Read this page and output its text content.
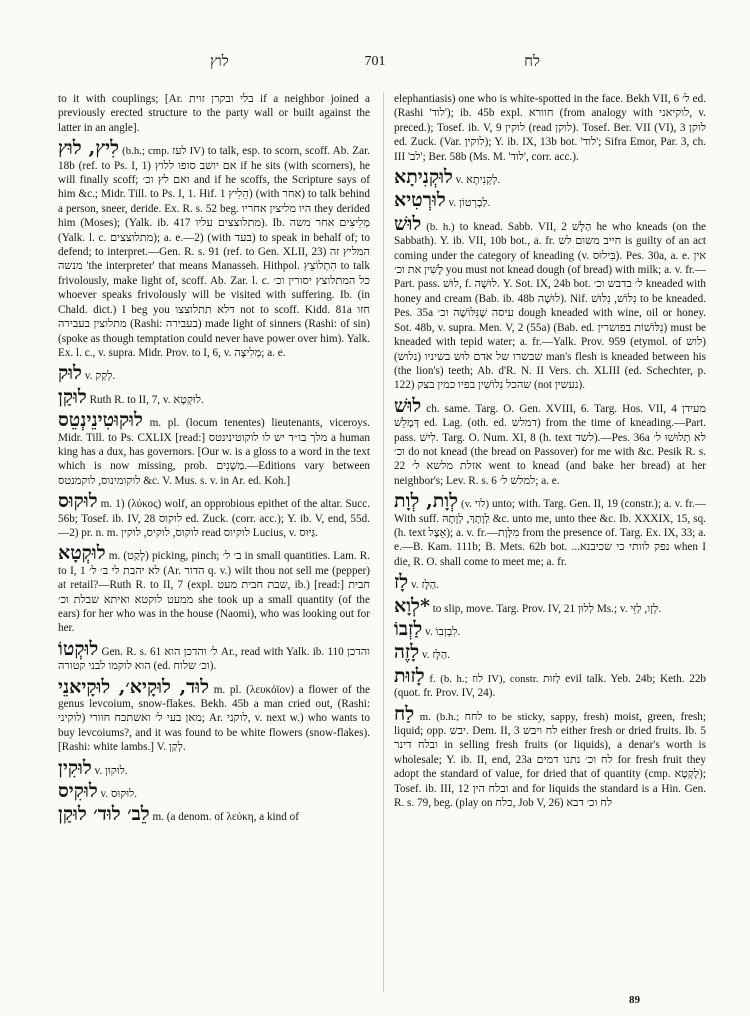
לוץ	701	לח

to it with couplings; [Ar. בלי ובקרן זוית if a neighbor joined a previously erected structure to the party wall or built against the latter in an angle].

לִיץ, לוּץ (b.h.; cmp. לעז IV) to talk, esp. to scorn, scoff. Ab. Zar. 18b (ref. to Ps. I, 1) אם יושב סופו ללוץ if he sits (with scorners), he will finally scoff; ואם לץ וכ׳ and if he scoffs, the Scripture says of him &c.; Midr. Till. to Ps. I, 1. Hif. הֵלִיץ 1) (with אחר) to talk behind a person, sneer, deride. Ex. R. s. 52 beg. היו מליצין אחריו they derided him (Moses); (Yalk. ib. 417 מתלוצצים עליו). Ib. מְלִיצִים אחר משה (Yalk. l. c. מתלוצצים); a. e.—2) (with בעד) to speak in behalf of; to defend; to interpret.—Gen. R. s. 91 (ref. to Gen. XLII, 23) המליץ זה מנשה 'the interpreter' that means Manasseh. Hithpol. הִתְלוֹצֵץ to talk frivolously, make light of, scoff. Ab. Zar. l. c. כל המתלוצץ יסורין וכ׳ whoever speaks frivolously will be visited with suffering. Ib. (in Chald. dict.) I beg you דלא תתלוצצו not to scoff. Kidd. 81a חזו מתלוצין בעבירה (Rashi: בעבירה) made light of sinners (Rashi: of sin) (spoke as though temptation could never have power over him). Yalk. Ex. l. c., v. supra. Midr. Prov. to I, 6, v. מְלִיצָה; a. e.

לוּק v. לְקַק.

לוּקַן Ruth R. to II, 7, v. לוּקְטָא.

לוּקוּטִינֵינְטֵס m. pl. (locum tenentes) lieutenants, viceroys. Midr. Till. to Ps. CXLIX [read:] מלך בו״ד יש לו לוקוטינינטס a human king has a dux, has governors. [Our w. is a gloss to a word in the text which is now missing, prob. מַשְׁנִים.—Editions vary between לוקומינוס, לוקמנטס &c. V. Mus. s. v. in Ar. ed. Koh.]

לוּקוּס m. 1) (λύκος) wolf, an opprobious epithet of the altar. Succ. 56b; Tosef. ib. IV, 28 לוקוס ed. Zuck. (corr. acc.); Y. ib. V, end, 55d.—2) pr. n. m. לוקוס, לוקיס, לוקין read לוקיוס Lucius, v. גַּיּוּס.

לוּקְטָא m. (לָקַט) picking, pinch; ב׳ ל׳ in small quantities. Lam. R. to I, 1 לא יהבת לי ב׳ ל׳ (Ar. הדור q. v.) wilt thou not sell me (pepper) at retail?—Ruth R. to II, 7 (expl. שבת חבית מעט, ib.) [read:] חבית ממעט לוקטא ואיתא שבלת וכ׳ she took up a small quantity (of the ears) for her who was in the house (Naomi), who was looking out for her.

לוּקְטוֹ Gen. R. s. 61 ל׳ והדכן הוא Ar., read with Yalk. ib. 110 והדכן הוא לוקמו לבני קטורה (ed. וכ׳ שלוח).

לוּד, לוּקָיא׳, לוּקָיאנֵי m. pl. (λευκόϊον) a flower of the genus levcoium, snow-flakes. Bekh. 45b a man cried out, (Rashi: לוקיני) מאן בעי ל׳ ואשתכח חוורי; Ar. לוקני, v. next w.) who wants to buy levcoiums?, and it was found to be white flowers (snow-flakes). [Rashi: white lambs.] V. לְקַן.

לוּקִין v. לוּקוּן.

לוּקִיס v. לוּקוּס.

לֵב׳ לוּד׳ לוּקַן m. (a denom. of λεύκη, a kind of

elephantiasis) one who is white-spotted in the face. Bekh VII, 6 ל׳ ed. (Rashi 'לוד'); ib. 45b expl. חוורא (from analogy with לוקיאני, v. preced.); Tosef. ib. V, 9 לוקין (read לוקן). Tosef. Ber. VII (VI), 3 לוקן ed. Zuck. (Var. לוקין); Y. ib. IX, 13b bot. 'לוד'; Sifra Emor, Par. 3, ch. III 'לב'; Ber. 58b (Ms. M. 'לוד', corr. acc.).

לוּקְנִיתָא v. לְקְנִיתָא.

לוּרְטִיא v. לַבְרְטוֹן.

לוּשׁ (b. h.) to knead. Sabb. VII, 2 הַלָּשׁ he who kneads (on the Sabbath). Y. ib. VII, 10b bot., a. fr. חייב משום לש is guilty of an act coming under the category of kneading (v. בִּילוּס). Pes. 30a, a. e. אין לָשִׁין את וכ׳ you must not knead dough (of bread) with milk; a. v. fr.—Part. pass. לוּשׁ, f. לוּשָׁה. Y. Sot. IX, 24b bot. ל׳ בדבש וכ׳ kneaded with honey and cream (Bab. ib. 48b לוּשָׁה). Nif. נִלּוֹשׁ, נִלּוּשׁ to be kneaded. Pes. 35a עיסה שֶׁנִּלּוֹשָׁה וכ׳ dough kneaded with wine, oil or honey. Sot. 48b, v. supra. Men. V, 2 (55a) (Bab. ed. נִלּוֹשׁוֹת בפושרין) must be kneaded with tepid water; a. fr.—Yalk. Prov. 959 (etymol. of לוש) שבשרו של אדם לוש בשיניו (נלוש) man's flesh is kneaded between his (the lion's) teeth; Ab. d'R. N. II Vers. ch. XLIII (ed. Schechter, p. 122) שהכל נִלוֹשִׁין בפיו כמין בצק (not נעשין).

לוּשׁ ch. same. Targ. O. Gen. XVIII, 6. Targ. Hos. VII, 4 מעידן דְּמָלֵשׁ ed. Lag. (oth. ed. דמלש) from the time of kneading.—Part. pass. לִישׁ. Targ. O. Num. XI, 8 (h. text לשד).—Pes. 36a לא תְלוּשׁוּ ל׳ וכ׳ do not knead (the bread on Passover) for me with &c. Pesik R. s. 22 אזלת מלשא ל׳ went to knead (and bake her bread) at her neighbor's; Lev. R. s. 6 למלש ל׳; a. e.

לְוָת, לְוָת (v. לוי) unto; with. Targ. Gen. II, 19 (constr.); a. v. fr.—With suff. לְוָתָךְ, לְוָתָהּ &c. unto me, unto thee &c. Ib. XXXIX, 15, sq. (h. text אֵצֶל); a. v. fr.—מִלְּוָת from the presence of. Targ. Ex. IX, 33; a. e.—B. Kam. 111b; B. Mets. 62b bot. ...נפק לוותי כי שכיבנא when I die, R. O. shall come to meet me; a. fr.

לָז v. הַלָּז.

*לְוָא to slip, move. Targ. Prov. IV, 21 לְלוּן Ms.; v. לְזָו, לַזֵּי.

לַזְבוֹ v. לִבְזְבוֹ.

לָזֶה v. הַלָּז.

לָזוּת f. (b. h.; לוז IV), constr. לְזוּת evil talk. Yeb. 24b; Keth. 22b (quot. fr. Prov. IV, 24).

לַח m. (b.h.; לחח to be sticky, sappy, fresh) moist, green, fresh; liquid; opp. יבש. Dem. II, 3 לח ויבש either fresh or dried fruits. Ib. 5 ובלח דינר in selling fresh fruits (or liquids), a denar's worth is wholesale; Y. ib. II, end, 23a לח וכ׳ נתנו דמים for fresh fruit they adopt the standard of value, for dried that of quantity (cmp. לָקְטָא); Tosef. ib. III, 12 ובלח הין and for liquids the standard is a Hin. Gen. R. s. 79, beg. (play on כלח, Job V, 26) לח וכ׳ דבא

89
